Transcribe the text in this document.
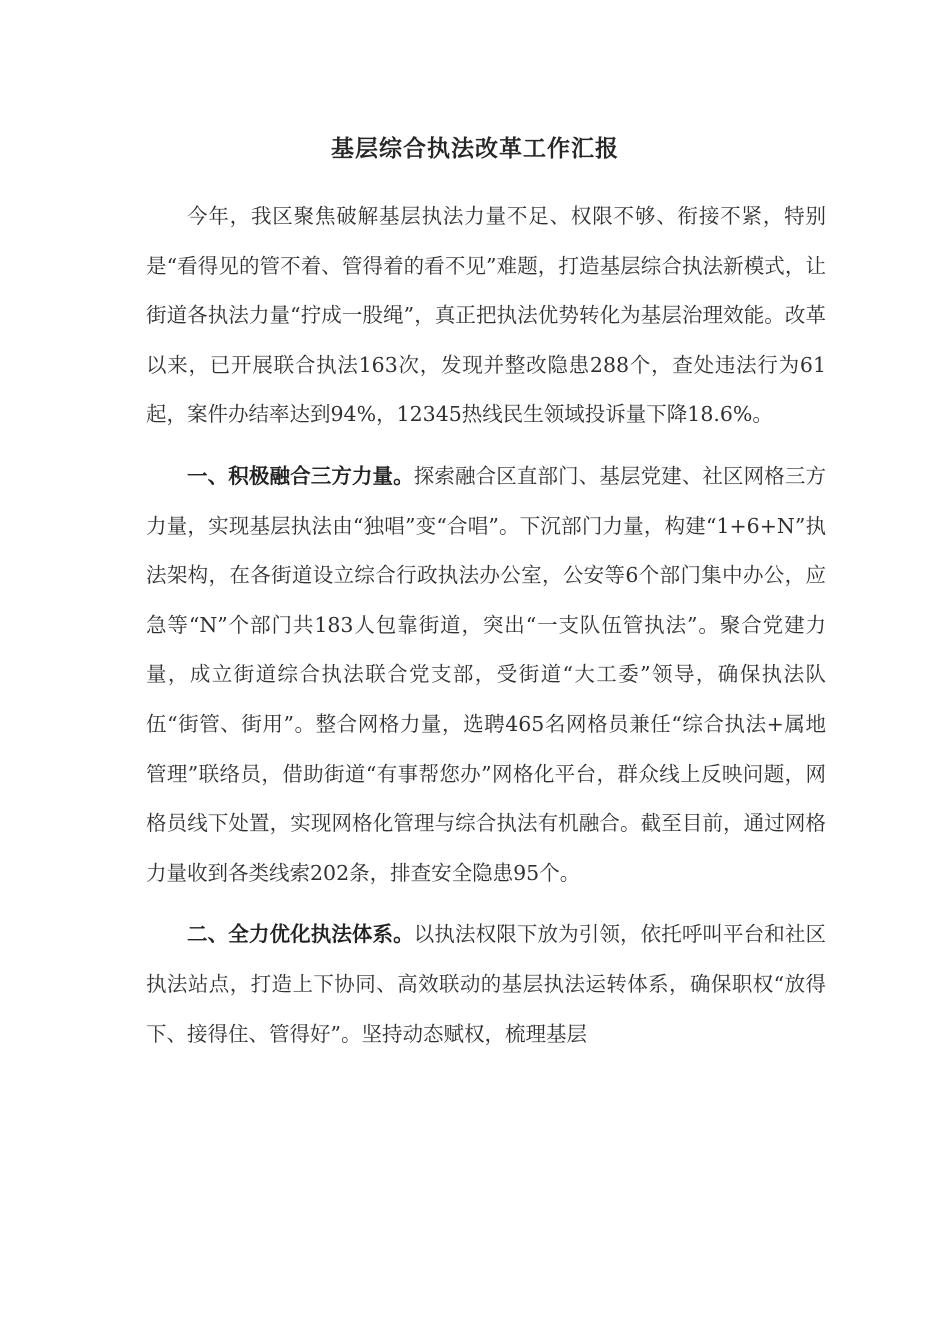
基层综合执法改革工作汇报

今年，我区聚焦破解基层执法力量不足、权限不够、衔接不紧，特别是“看得见的管不着、管得着的看不见”难题，打造基层综合执法新模式，让街道各执法力量“拧成一股绳”，真正把执法优势转化为基层治理效能。改革以来，已开展联合执法163次，发现并整改隐患288个，查处违法行为61起，案件办结率达到94%，12345热线民生领域投诉量下降18.6%。

一、积极融合三方力量。探索融合区直部门、基层党建、社区网格三方力量，实现基层执法由“独唱”变“合唱”。下沉部门力量，构建“1+6+N”执法架构，在各街道设立综合行政执法办公室，公安等6个部门集中办公，应急等“N”个部门共183人包靠街道，突出“一支队伍管执法”。聚合党建力量，成立街道综合执法联合党支部，受街道“大工委”领导，确保执法队伍“街管、街用”。整合网格力量，选聘465名网格员兼任“综合执法+属地管理”联络员，借助街道“有事帮您办”网格化平台，群众线上反映问题，网格员线下处置，实现网格化管理与综合执法有机融合。截至目前，通过网格力量收到各类线索202条，排查安全隐患95个。

二、全力优化执法体系。以执法权限下放为引领，依托呼叫平台和社区执法站点，打造上下协同、高效联动的基层执法运转体系，确保职权“放得下、接得住、管得好”。坚持动态赋权，梳理基层
